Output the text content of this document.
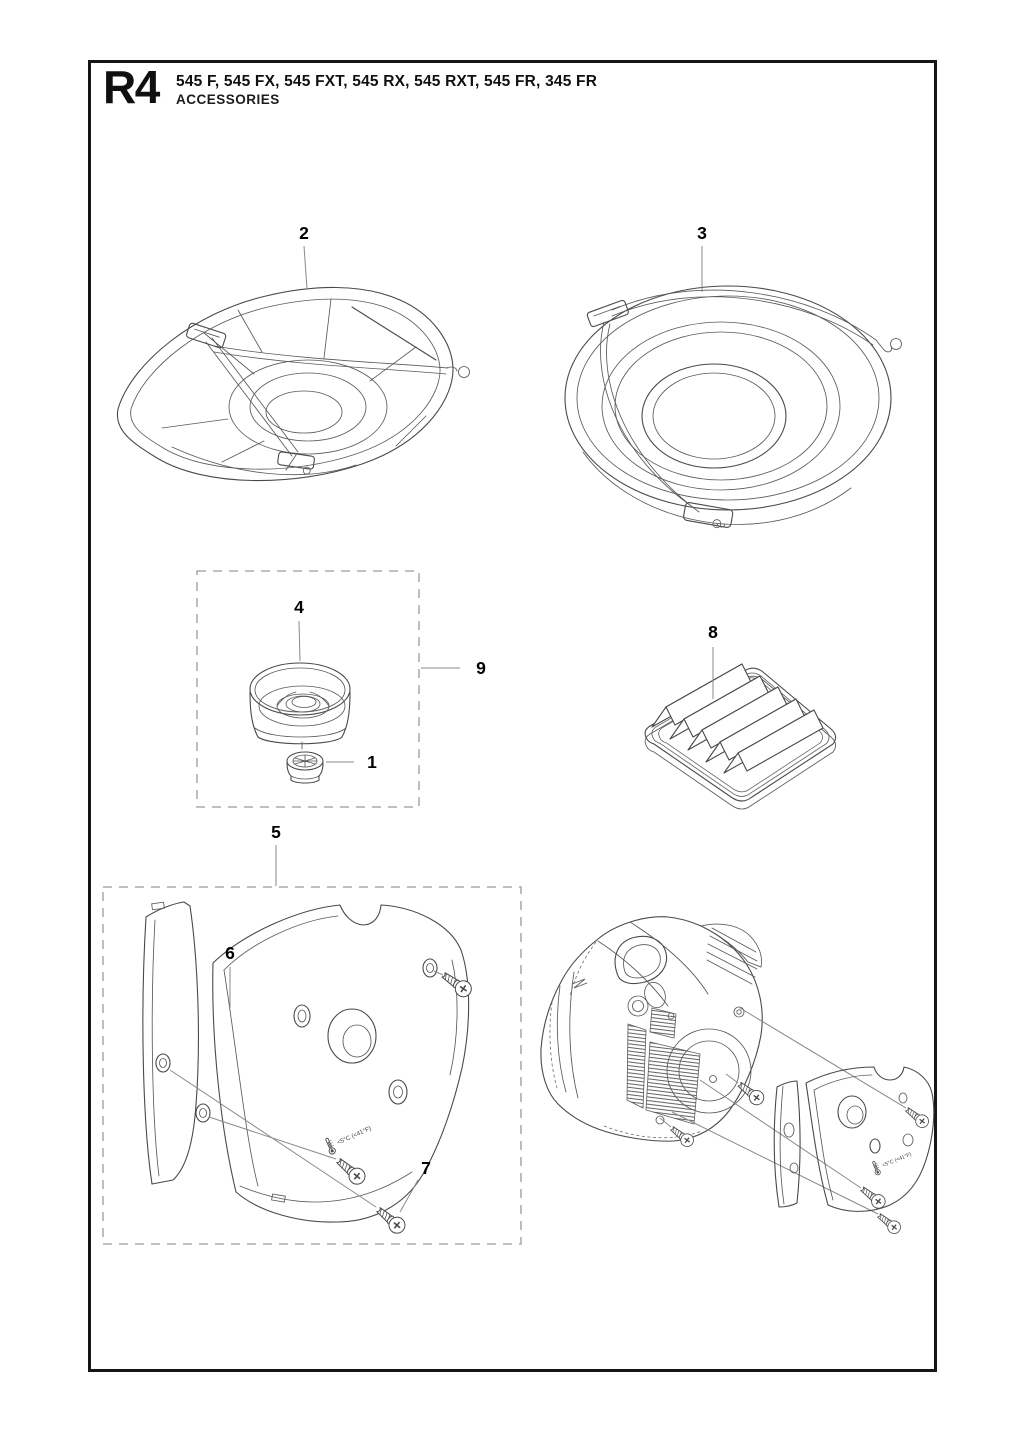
R4 545 F, 545 FX, 545 FXT, 545 RX, 545 RXT, 545 FR, 345 FR
ACCESSORIES
2	3
4
1
9
8
5
<5°C (<41°F)
6
7	<5°C (<41°F)
